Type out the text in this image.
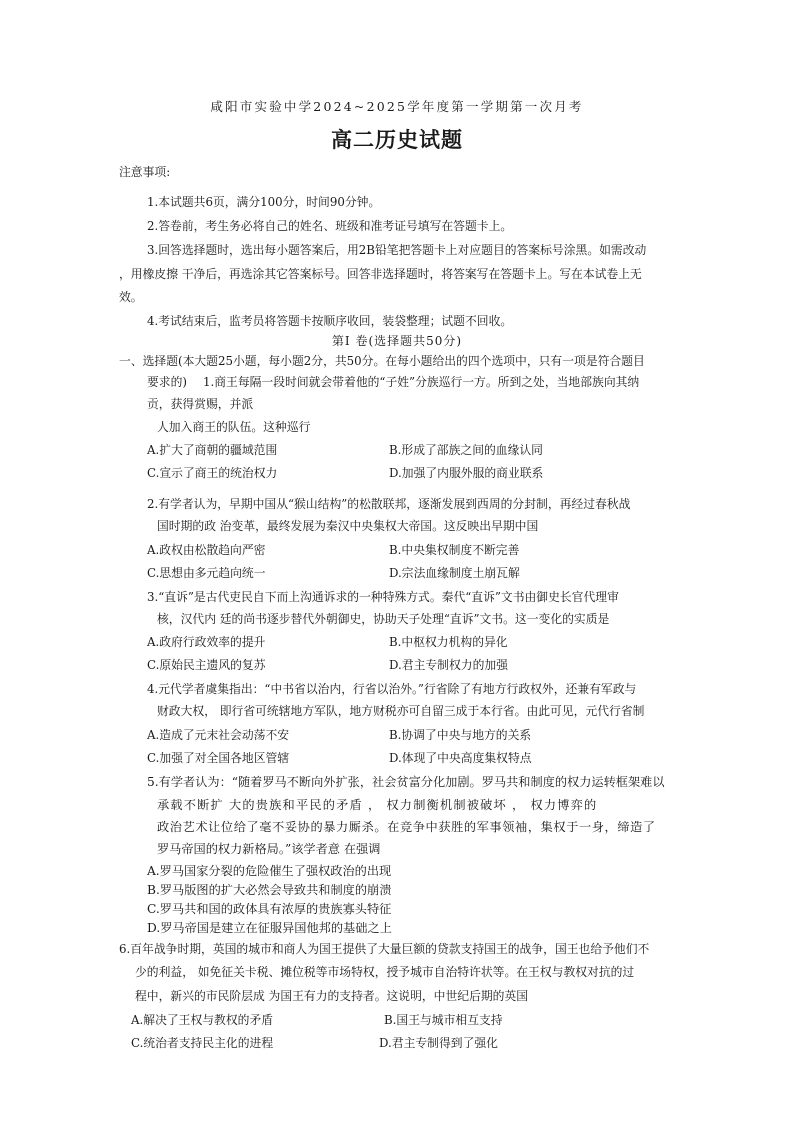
咸阳市实验中学2024~2025学年度第一学期第一次月考
高二历史试题
注意事项:
1.本试题共6页，满分100分，时间90分钟。
2.答卷前，考生务必将自己的姓名、班级和准考证号填写在答题卡上。
3.回答选择题时，选出每小题答案后，用2B铅笔把答题卡上对应题目的答案标号涂黑。如需改动
，用橡皮擦 干净后，再选涂其它答案标号。回答非选择题时，将答案写在答题卡上。写在本试卷上无
效。
4.考试结束后，监考员将答题卡按顺序收回，装袋整理；试题不回收。
第Ⅰ 卷(选择题共50分)
一、选择题(本大题25小题，每小题2分，共50分。在每小题给出的四个选项中，只有一项是符合题目
要求的) 1.商王每隔一段时间就会带着他的“子姓”分族巡行一方。所到之处，当地部族向其纳
贡，获得赏赐，并派
人加入商王的队伍。这种巡行
A.扩大了商朝的疆域范围	B.形成了部族之间的血缘认同
C.宣示了商王的统治权力	D.加强了内服外服的商业联系
2.有学者认为，早期中国从“猴山结构”的松散联邦，逐渐发展到西周的分封制，再经过春秋战
国时期的政 治变革，最终发展为秦汉中央集权大帝国。这反映出早期中国
A.政权由松散趋向严密	B.中央集权制度不断完善
C.思想由多元趋向统一	D.宗法血缘制度土崩瓦解
3.“直诉”是古代吏民自下而上沟通诉求的一种特殊方式。秦代“直诉”文书由御史长官代理审
核，汉代内 廷的尚书逐步替代外朝御史，协助天子处理“直诉”文书。这一变化的实质是
A.政府行政效率的提升	B.中枢权力机构的异化
C.原始民主遗风的复苏	D.君主专制权力的加强
4.元代学者虞集指出：“中书省以治内，行省以治外。”行省除了有地方行政权外，还兼有军政与
财政大权， 即行省可统辖地方军队，地方财税亦可自留三成于本行省。由此可见，元代行省制
A.造成了元末社会动荡不安	B.协调了中央与地方的关系
C.加强了对全国各地区管辖	D.体现了中央高度集权特点
5.有学者认为：“随着罗马不断向外扩张，社会贫富分化加剧。罗马共和制度的权力运转框架难以
承载不断扩 大的贵族和平民的矛盾 ， 权力制衡机制被破坏 ， 权力博弈的
政治艺术让位给了毫不妥协的暴力厮杀。在竞争中获胜的军事领袖，集权于一身，缔造了
罗马帝国的权力新格局。”该学者意 在强调
A.罗马国家分裂的危险催生了强权政治的出现
B.罗马版图的扩大必然会导致共和制度的崩溃
C.罗马共和国的政体具有浓厚的贵族寡头特征
D.罗马帝国是建立在征服异国他邦的基础之上
6.百年战争时期，英国的城市和商人为国王提供了大量巨额的贷款支持国王的战争，国王也给予他们不
少的利益， 如免征关卡税、摊位税等市场特权，授予城市自治特许状等。在王权与教权对抗的过
程中，新兴的市民阶层成 为国王有力的支持者。这说明，中世纪后期的英国
A.解决了王权与教权的矛盾	B.国王与城市相互支持
C.统治者支持民主化的进程	D.君主专制得到了强化
